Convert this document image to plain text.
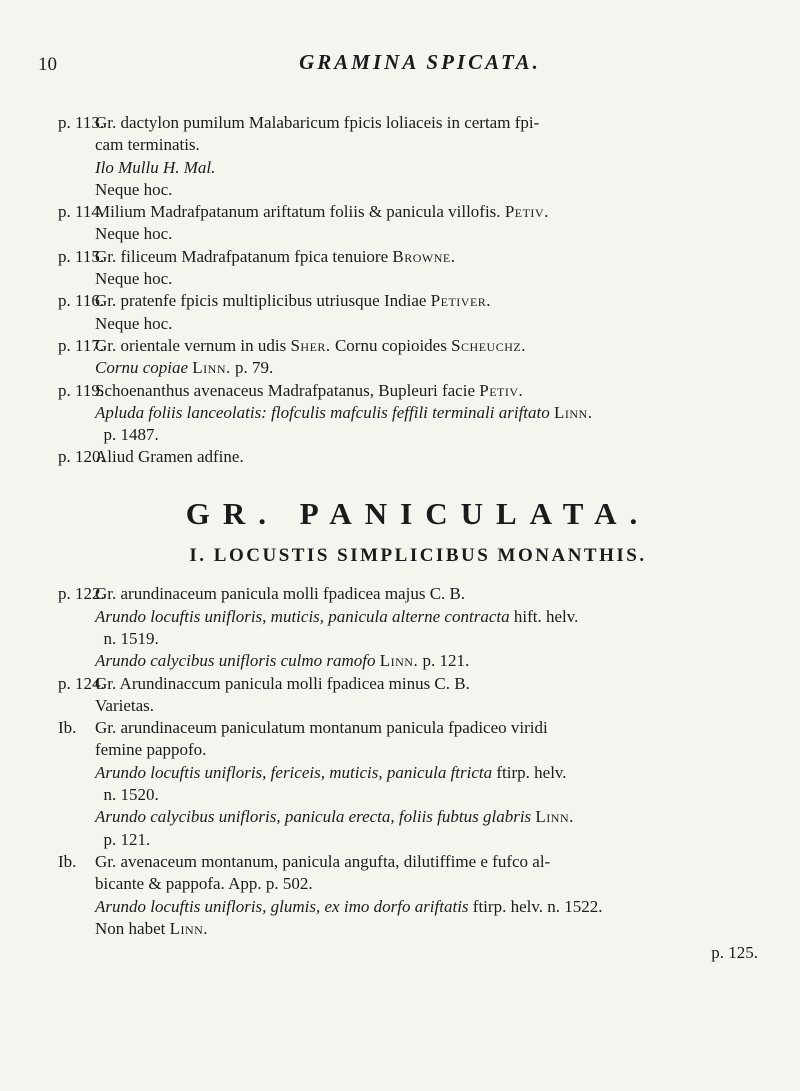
10	GRAMINA SPICATA.
p. 113.
Gr. dactylon pumilum Malabaricum fpicis loliaceis in certam fpi-
cam terminatis.
Ilo Mullu H. Mal.
Neque hoc.
p. 114.
Milium Madrafpatanum ariftatum foliis & panicula villofis. Petiv.
Neque hoc.
p. 115.
Gr. filiceum Madrafpatanum fpica tenuiore Browne.
Neque hoc.
p. 116.
Gr. pratenfe fpicis multiplicibus utriusque Indiae Petiver.
Neque hoc.
p. 117.
Gr. orientale vernum in udis Sher. Cornu copioides Scheuchz.
Cornu copiae Linn. p. 79.
p. 119.
Schoenanthus avenaceus Madrafpatanus, Bupleuri facie Petiv.
Apluda foliis lanceolatis: flofculis mafculis feffili terminali ariftato Linn.
p. 1487.
p. 120.
Aliud Gramen adfine.
GR. PANICULATA.
I. LOCUSTIS SIMPLICIBUS MONANTHIS.
p. 122.
Gr. arundinaceum panicula molli fpadicea majus C. B.
Arundo locuftis unifloris, muticis, panicula alterne contracta hift. helv.
n. 1519.
Arundo calycibus unifloris culmo ramofo Linn. p. 121.
p. 124.
Gr. Arundinaccum panicula molli fpadicea minus C. B.
Varietas.
Ib. Gr. arundinaceum paniculatum montanum panicula fpadiceo viridi
femine pappofo.
Arundo locuftis unifloris, fericeis, muticis, panicula ftricta ftirp. helv.
n. 1520.
Arundo calycibus unifloris, panicula erecta, foliis fubtus glabris Linn.
p. 121.
Ib. Gr. avenaceum montanum, panicula angufta, dilutiffime e fufco al-
bicante & pappofa. App. p. 502.
Arundo locuftis unifloris, glumis, ex imo dorfo ariftatis ftirp. helv. n. 1522.
Non habet Linn.
p. 125.
